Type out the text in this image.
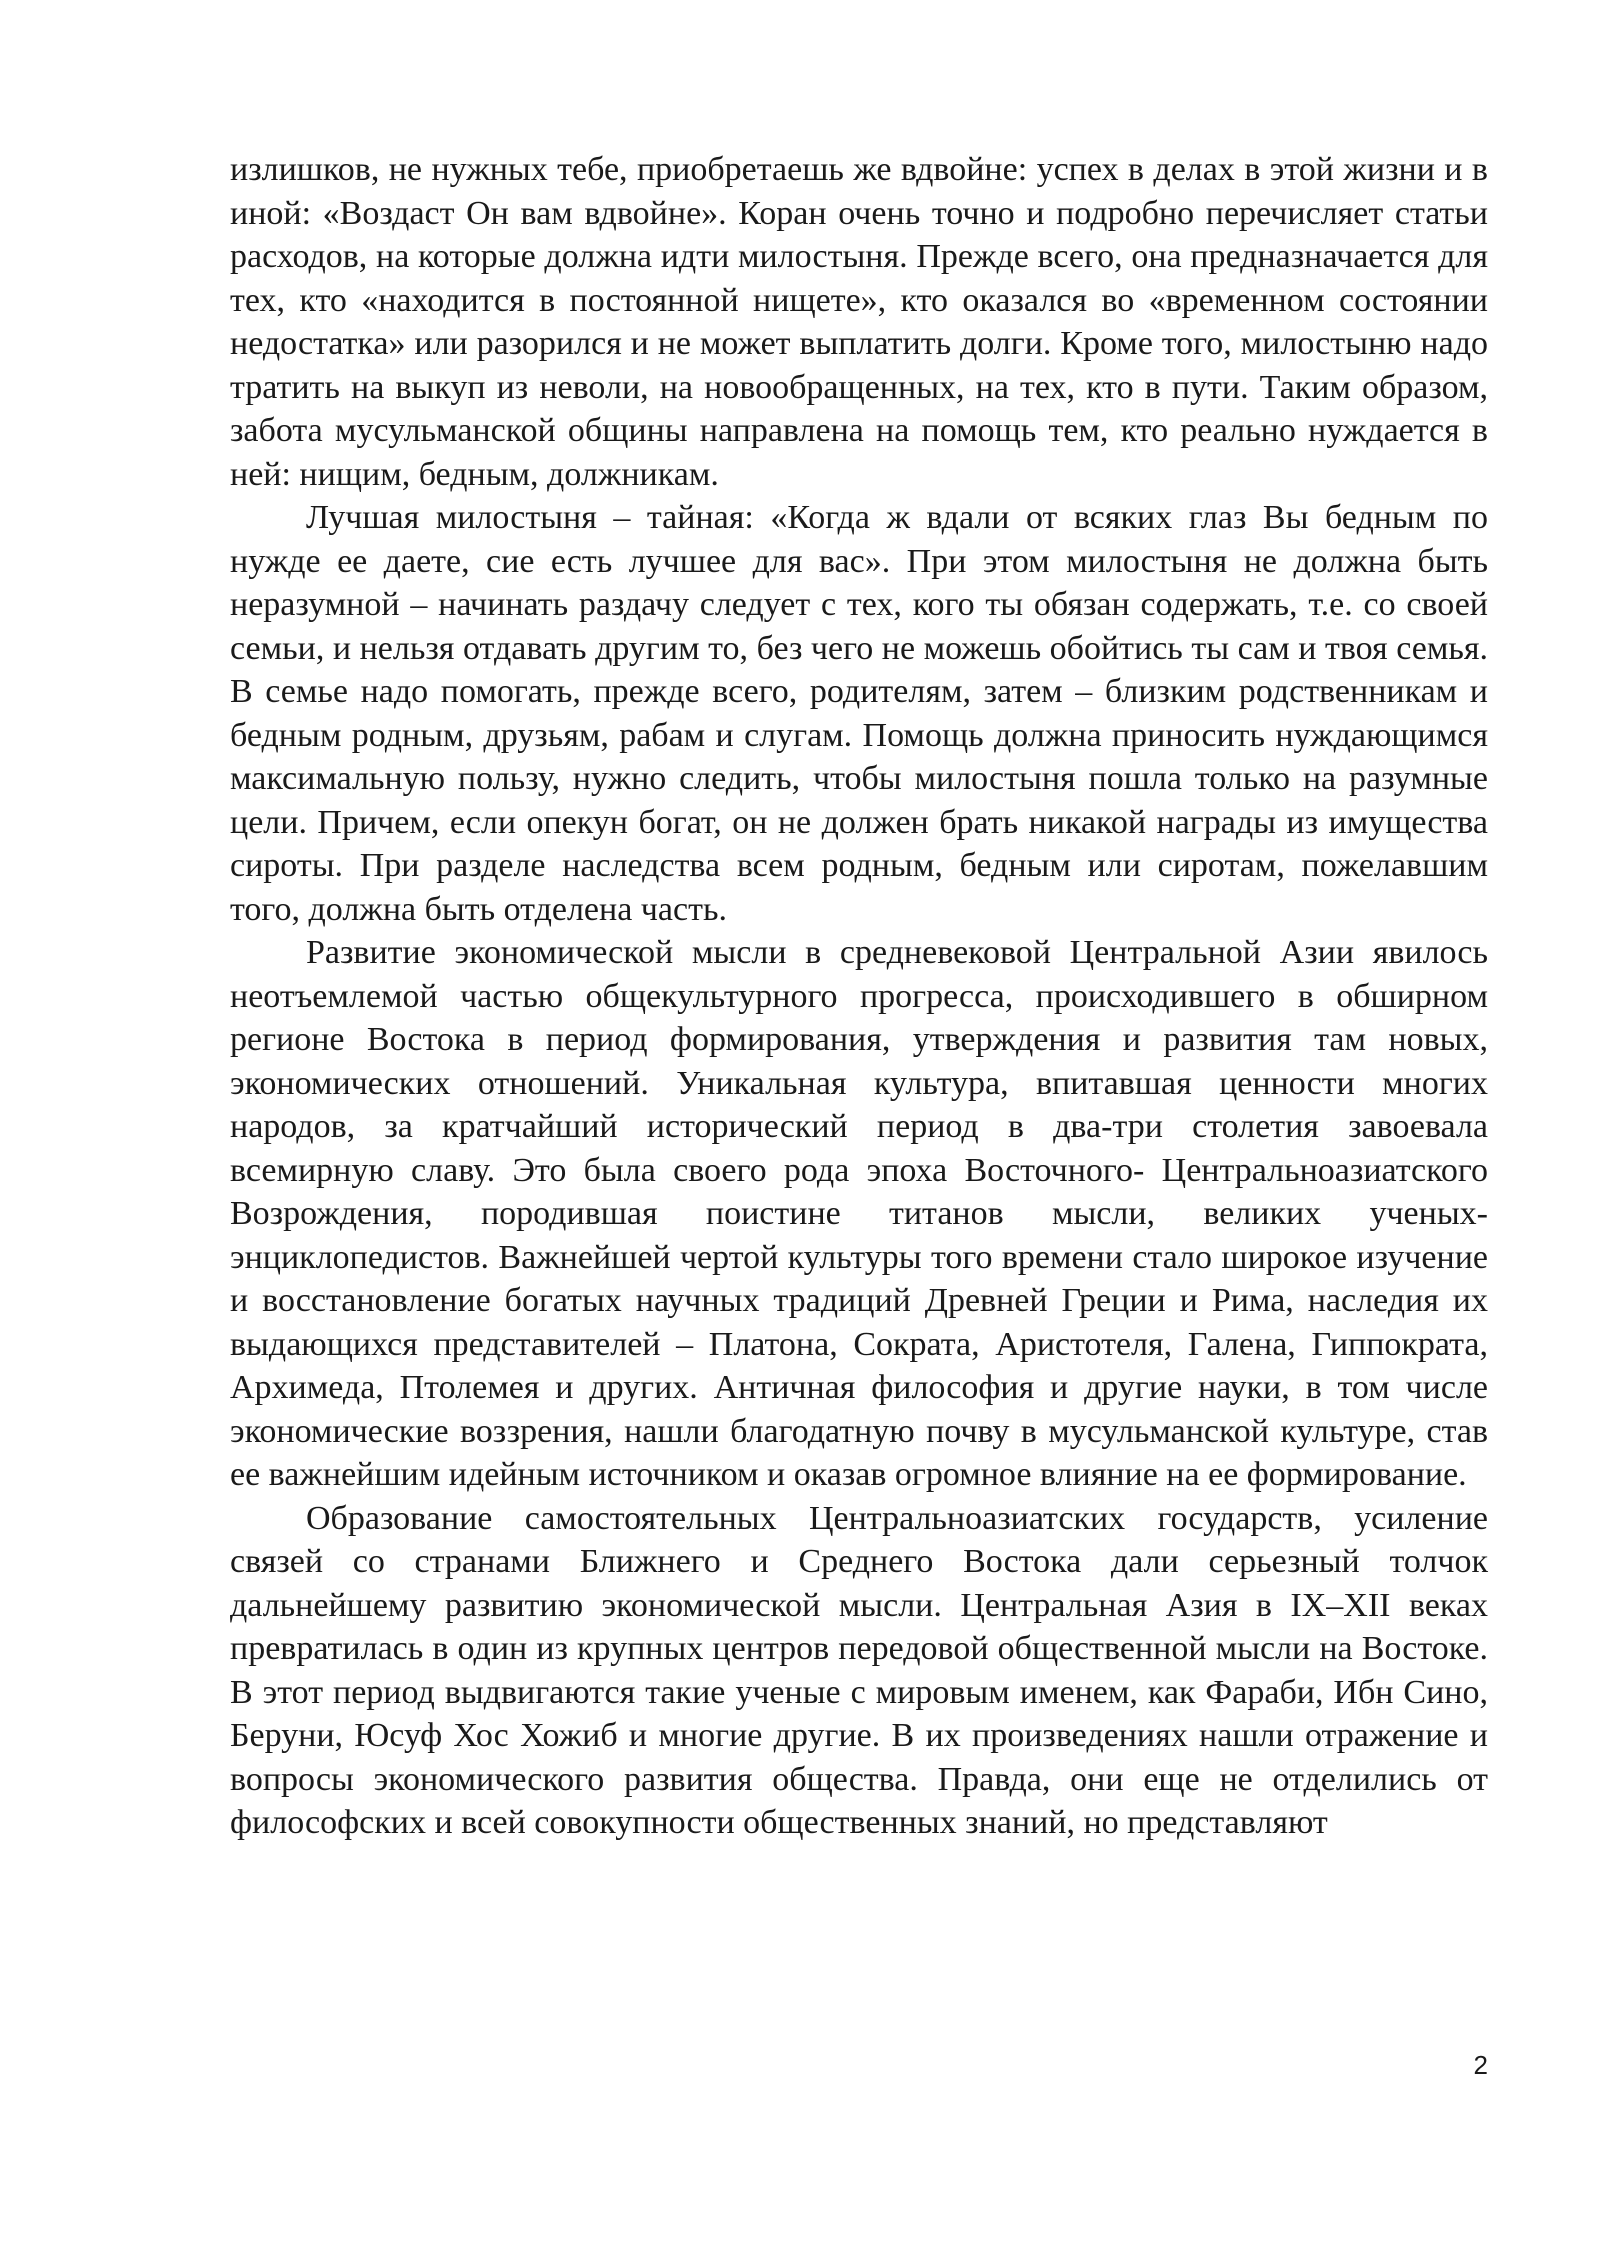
излишков, не нужных тебе, приобретаешь же вдвойне: успех в делах в этой жизни и в иной: «Воздаст Он вам вдвойне». Коран очень точно и подробно перечисляет статьи расходов, на которые должна идти милостыня. Прежде всего, она предназначается для тех, кто «находится в постоянной нищете», кто оказался во «временном состоянии недостатка» или разорился и не может выплатить долги. Кроме того, милостыню надо тратить на выкуп из неволи, на новообращенных, на тех, кто в пути. Таким образом, забота мусульманской общины направлена на помощь тем, кто реально нуждается в ней: нищим, бедным, должникам.

Лучшая милостыня – тайная: «Когда ж вдали от всяких глаз Вы бедным по нужде ее даете, сие есть лучшее для вас». При этом милостыня не должна быть неразумной – начинать раздачу следует с тех, кого ты обязан содержать, т.е. со своей семьи, и нельзя отдавать другим то, без чего не можешь обойтись ты сам и твоя семья. В семье надо помогать, прежде всего, родителям, затем – близким родственникам и бедным родным, друзьям, рабам и слугам. Помощь должна приносить нуждающимся максимальную пользу, нужно следить, чтобы милостыня пошла только на разумные цели. Причем, если опекун богат, он не должен брать никакой награды из имущества сироты. При разделе наследства всем родным, бедным или сиротам, пожелавшим того, должна быть отделена часть.

Развитие экономической мысли в средневековой Центральной Азии явилось неотъемлемой частью общекультурного прогресса, происходившего в обширном регионе Востока в период формирования, утверждения и развития там новых, экономических отношений. Уникальная культура, впитавшая ценности многих народов, за кратчайший исторический период в два-три столетия завоевала всемирную славу. Это была своего рода эпоха Восточного- Центральноазиатского Возрождения, породившая поистине титанов мысли, великих ученых-энциклопедистов. Важнейшей чертой культуры того времени стало широкое изучение и восстановление богатых научных традиций Древней Греции и Рима, наследия их выдающихся представителей – Платона, Сократа, Аристотеля, Галена, Гиппократа, Архимеда, Птолемея и других. Античная философия и другие науки, в том числе экономические воззрения, нашли благодатную почву в мусульманской культуре, став ее важнейшим идейным источником и оказав огромное влияние на ее формирование.

Образование самостоятельных Центральноазиатских государств, усиление связей со странами Ближнего и Среднего Востока дали серьезный толчок дальнейшему развитию экономической мысли. Центральная Азия в IX–XII веках превратилась в один из крупных центров передовой общественной мысли на Востоке. В этот период выдвигаются такие ученые с мировым именем, как Фараби, Ибн Сино, Беруни, Юсуф Хос Хожиб и многие другие. В их произведениях нашли отражение и вопросы экономического развития общества. Правда, они еще не отделились от философских и всей совокупности общественных знаний, но представляют

2
